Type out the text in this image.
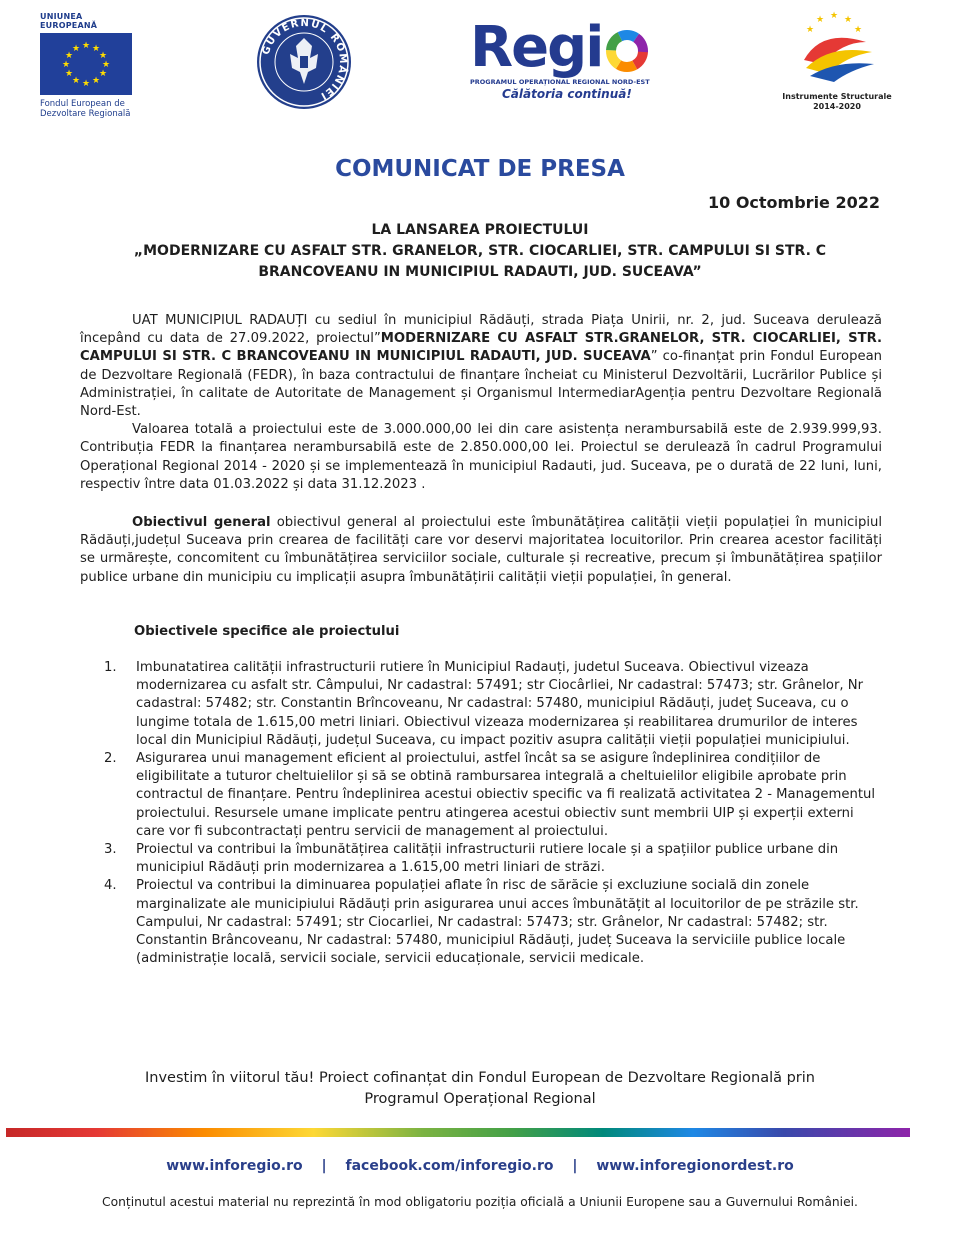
UNIUNEA EUROPEANĂ
★ ★
★
★
★
★
★
★
★
★
★
★
Fondul European de
Dezvoltare Regională
GUVERNUL ROMÂNIEI
Regi
PROGRAMUL OPERAȚIONAL REGIONAL NORD-EST
Călătoria continuă!
★ ★ ★
★	★
Instrumente Structurale
2014-2020
COMUNICAT DE PRESA
10 Octombrie 2022
LA LANSAREA PROIECTULUI
„MODERNIZARE CU ASFALT STR. GRANELOR, STR. CIOCARLIEI, STR. CAMPULUI SI STR. C
BRANCOVEANU IN MUNICIPIUL RADAUTI, JUD. SUCEAVA”
UAT MUNICIPIUL RADAUȚI cu sediul în municipiul Rădăuți, strada Piața Unirii, nr. 2, jud. Suceava derulează începând cu data de 27.09.2022, proiectul”MODERNIZARE CU ASFALT STR.GRANELOR, STR. CIOCARLIEI, STR. CAMPULUI SI STR. C BRANCOVEANU IN MUNICIPIUL RADAUTI, JUD. SUCEAVA” co-finanțat prin Fondul European de Dezvoltare Regională (FEDR), în baza contractului de finanțare încheiat cu Ministerul Dezvoltării, Lucrărilor Publice și Administrației, în calitate de Autoritate de Management și Organismul IntermediarAgenția pentru Dezvoltare Regională Nord-Est.
Valoarea totală a proiectului este de 3.000.000,00 lei din care asistența nerambursabilă este de 2.939.999,93. Contribuția FEDR la finanțarea nerambursabilă este de 2.850.000,00 lei. Proiectul se derulează în cadrul Programului Operațional Regional 2014 - 2020 și se implementează în municipiul Radauti, jud. Suceava, pe o durată de 22 luni, luni, respectiv între data 01.03.2022 și data 31.12.2023 .
Obiectivul general obiectivul general al proiectului este îmbunătățirea calității vieții populației în municipiul Rădăuți,județul Suceava prin crearea de facilități care vor deservi majoritatea locuitorilor. Prin crearea acestor facilități se urmărește, concomitent cu îmbunătățirea serviciilor sociale, culturale și recreative, precum și îmbunătățirea spațiilor publice urbane din municipiu cu implicații asupra îmbunătățirii calității vieții populației, în general.
Obiectivele specifice ale proiectului
1. Imbunatatirea calității infrastructurii rutiere în Municipiul Radauți, judetul Suceava. Obiectivul vizeaza modernizarea cu asfalt str. Câmpului, Nr cadastral: 57491; str Ciocârliei, Nr cadastral: 57473; str. Grânelor, Nr cadastral: 57482; str. Constantin Brîncoveanu, Nr cadastral: 57480, municipiul Rădăuți, județ Suceava, cu o lungime totala de 1.615,00 metri liniari. Obiectivul vizeaza modernizarea și reabilitarea drumurilor de interes local din Municipiul Rădăuți, județul Suceava, cu impact pozitiv asupra calității vieții populației municipiului.
2. Asigurarea unui management eficient al proiectului, astfel încât sa se asigure îndeplinirea condițiilor de eligibilitate a tuturor cheltuielilor și să se obtină rambursarea integrală a cheltuielilor eligibile aprobate prin contractul de finanțare. Pentru îndeplinirea acestui obiectiv specific va fi realizată activitatea 2 - Managementul proiectului. Resursele umane implicate pentru atingerea acestui obiectiv sunt membrii UIP și experții externi care vor fi subcontractați pentru servicii de management al proiectului.
3. Proiectul va contribui la îmbunătățirea calității infrastructurii rutiere locale și a spațiilor publice urbane din municipiul Rădăuți prin modernizarea a 1.615,00 metri liniari de străzi.
4. Proiectul va contribui la diminuarea populației aflate în risc de sărăcie și excluziune socială din zonele marginalizate ale municipiului Rădăuți prin asigurarea unui acces îmbunătățit al locuitorilor de pe străzile str. Campului, Nr cadastral: 57491; str Ciocarliei, Nr cadastral: 57473; str. Grânelor, Nr cadastral: 57482; str. Constantin Brâncoveanu, Nr cadastral: 57480, municipiul Rădăuți, județ Suceava la serviciile publice locale (administrație locală, servicii sociale, servicii educaționale, servicii medicale.
Investim în viitorul tău! Proiect cofinanțat din Fondul European de Dezvoltare Regională prin
Programul Operațional Regional
www.inforegio.ro | facebook.com/inforegio.ro | www.inforegionordest.ro
Conținutul acestui material nu reprezintă în mod obligatoriu poziția oficială a Uniunii Europene sau a Guvernului României.
